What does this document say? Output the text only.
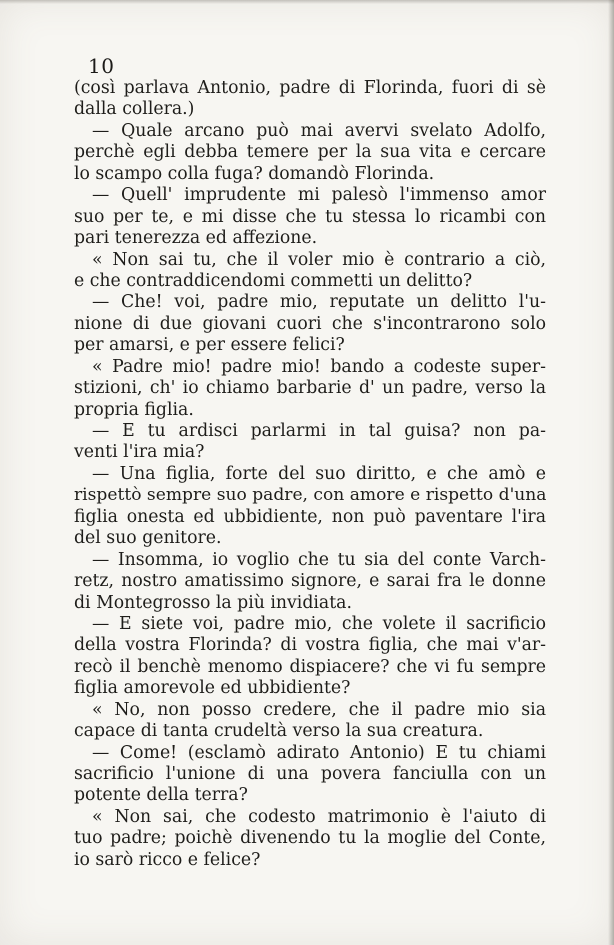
10
(così parlava Antonio, padre di Florinda, fuori di sè
dalla collera.)
— Quale arcano può mai avervi svelato Adolfo,
perchè egli debba temere per la sua vita e cercare
lo scampo colla fuga? domandò Florinda.
— Quell' imprudente mi palesò l'immenso amor
suo per te, e mi disse che tu stessa lo ricambi con
pari tenerezza ed affezione.
« Non sai tu, che il voler mio è contrario a ciò,
e che contraddicendomi commetti un delitto?
— Che! voi, padre mio, reputate un delitto l'u-
nione di due giovani cuori che s'incontrarono solo
per amarsi, e per essere felici?
« Padre mio! padre mio! bando a codeste super-
stizioni, ch' io chiamo barbarie d' un padre, verso la
propria figlia.
— E tu ardisci parlarmi in tal guisa? non pa-
venti l'ira mia?
— Una figlia, forte del suo diritto, e che amò e
rispettò sempre suo padre, con amore e rispetto d'una
figlia onesta ed ubbidiente, non può paventare l'ira
del suo genitore.
— Insomma, io voglio che tu sia del conte Varch-
retz, nostro amatissimo signore, e sarai fra le donne
di Montegrosso la più invidiata.
— E siete voi, padre mio, che volete il sacrificio
della vostra Florinda? di vostra figlia, che mai v'ar-
recò il benchè menomo dispiacere? che vi fu sempre
figlia amorevole ed ubbidiente?
« No, non posso credere, che il padre mio sia
capace di tanta crudeltà verso la sua creatura.
— Come! (esclamò adirato Antonio) E tu chiami
sacrificio l'unione di una povera fanciulla con un
potente della terra?
« Non sai, che codesto matrimonio è l'aiuto di
tuo padre; poichè divenendo tu la moglie del Conte,
io sarò ricco e felice?
